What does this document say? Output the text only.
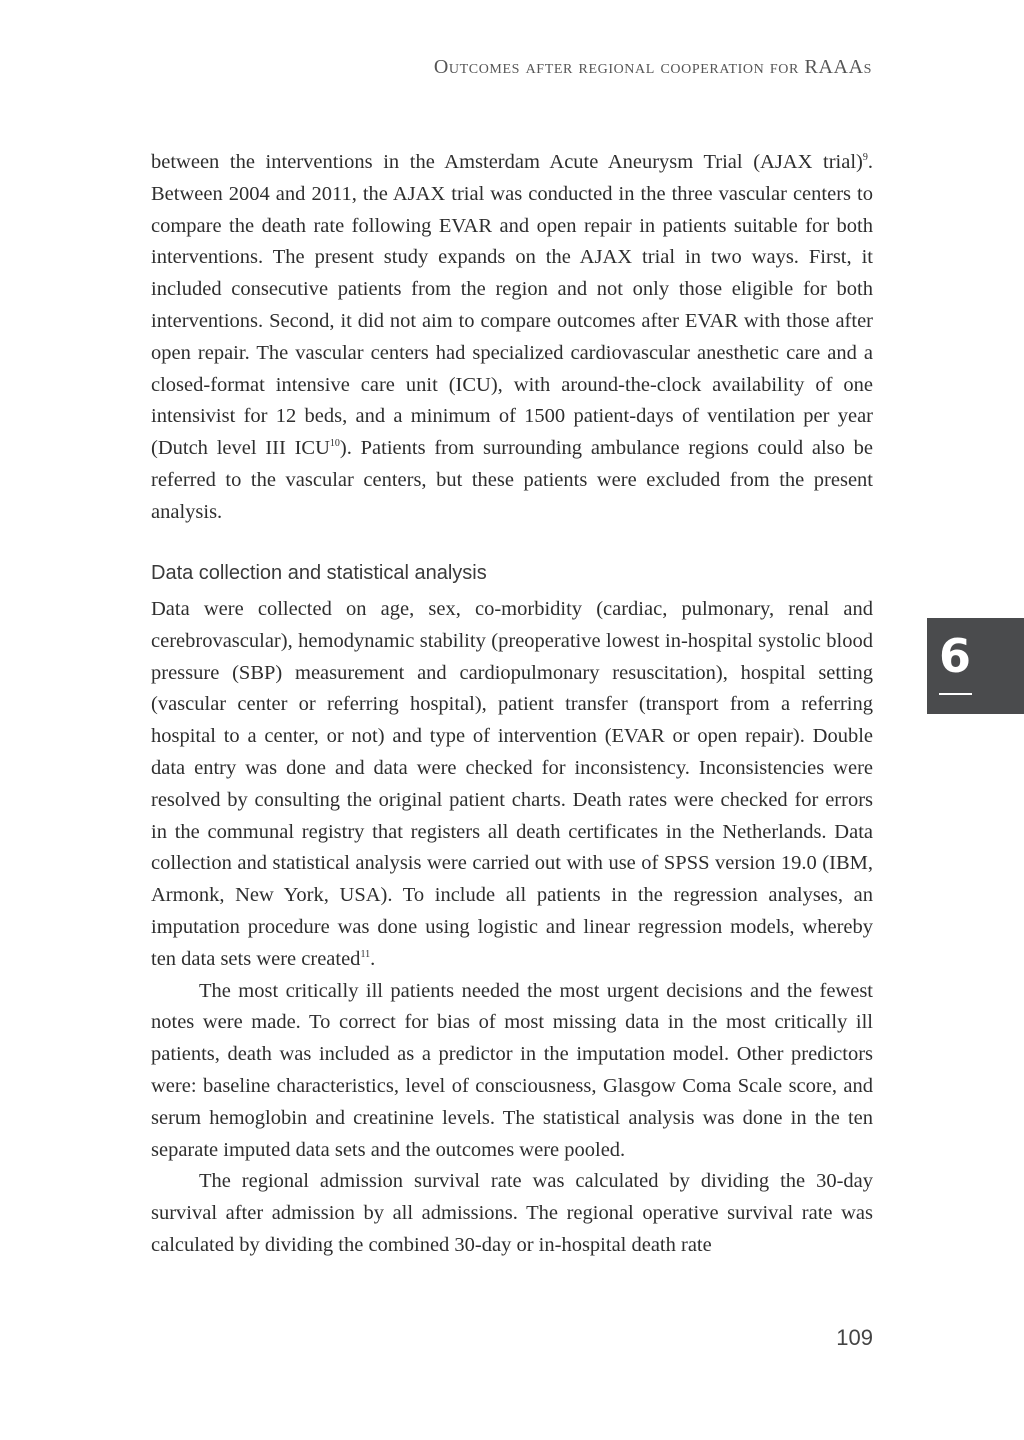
Outcomes after regional cooperation for RAAAs

between the interventions in the Amsterdam Acute Aneurysm Trial (AJAX trial)$^9$. Between 2004 and 2011, the AJAX trial was conducted in the three vascular centers to compare the death rate following EVAR and open repair in patients suitable for both interventions. The present study expands on the AJAX trial in two ways. First, it included consecutive patients from the region and not only those eligible for both interventions. Second, it did not aim to compare outcomes after EVAR with those after open repair. The vascular centers had specialized cardiovascular anesthetic care and a closed-format intensive care unit (ICU), with around-the-clock availability of one intensivist for 12 beds, and a minimum of 1500 patient-days of ventilation per year (Dutch level III ICU$^{10}$). Patients from surrounding ambulance regions could also be referred to the vascular centers, but these patients were excluded from the present analysis.

Data collection and statistical analysis

Data were collected on age, sex, co-morbidity (cardiac, pulmonary, renal and cerebrovascular), hemodynamic stability (preoperative lowest in-hospital systolic blood pressure (SBP) measurement and cardiopulmonary resuscitation), hospital setting (vascular center or referring hospital), patient transfer (transport from a referring hospital to a center, or not) and type of intervention (EVAR or open repair). Double data entry was done and data were checked for inconsistency. Inconsistencies were resolved by consulting the original patient charts. Death rates were checked for errors in the communal registry that registers all death certificates in the Netherlands. Data collection and statistical analysis were carried out with use of SPSS version 19.0 (IBM, Armonk, New York, USA). To include all patients in the regression analyses, an imputation procedure was done using logistic and linear regression models, whereby ten data sets were created$^{11}$.

The most critically ill patients needed the most urgent decisions and the fewest notes were made. To correct for bias of most missing data in the most critically ill patients, death was included as a predictor in the imputation model. Other predictors were: baseline characteristics, level of consciousness, Glasgow Coma Scale score, and serum hemoglobin and creatinine levels. The statistical analysis was done in the ten separate imputed data sets and the outcomes were pooled.

The regional admission survival rate was calculated by dividing the 30-day survival after admission by all admissions. The regional operative survival rate was calculated by dividing the combined 30-day or in-hospital death rate

6
109
